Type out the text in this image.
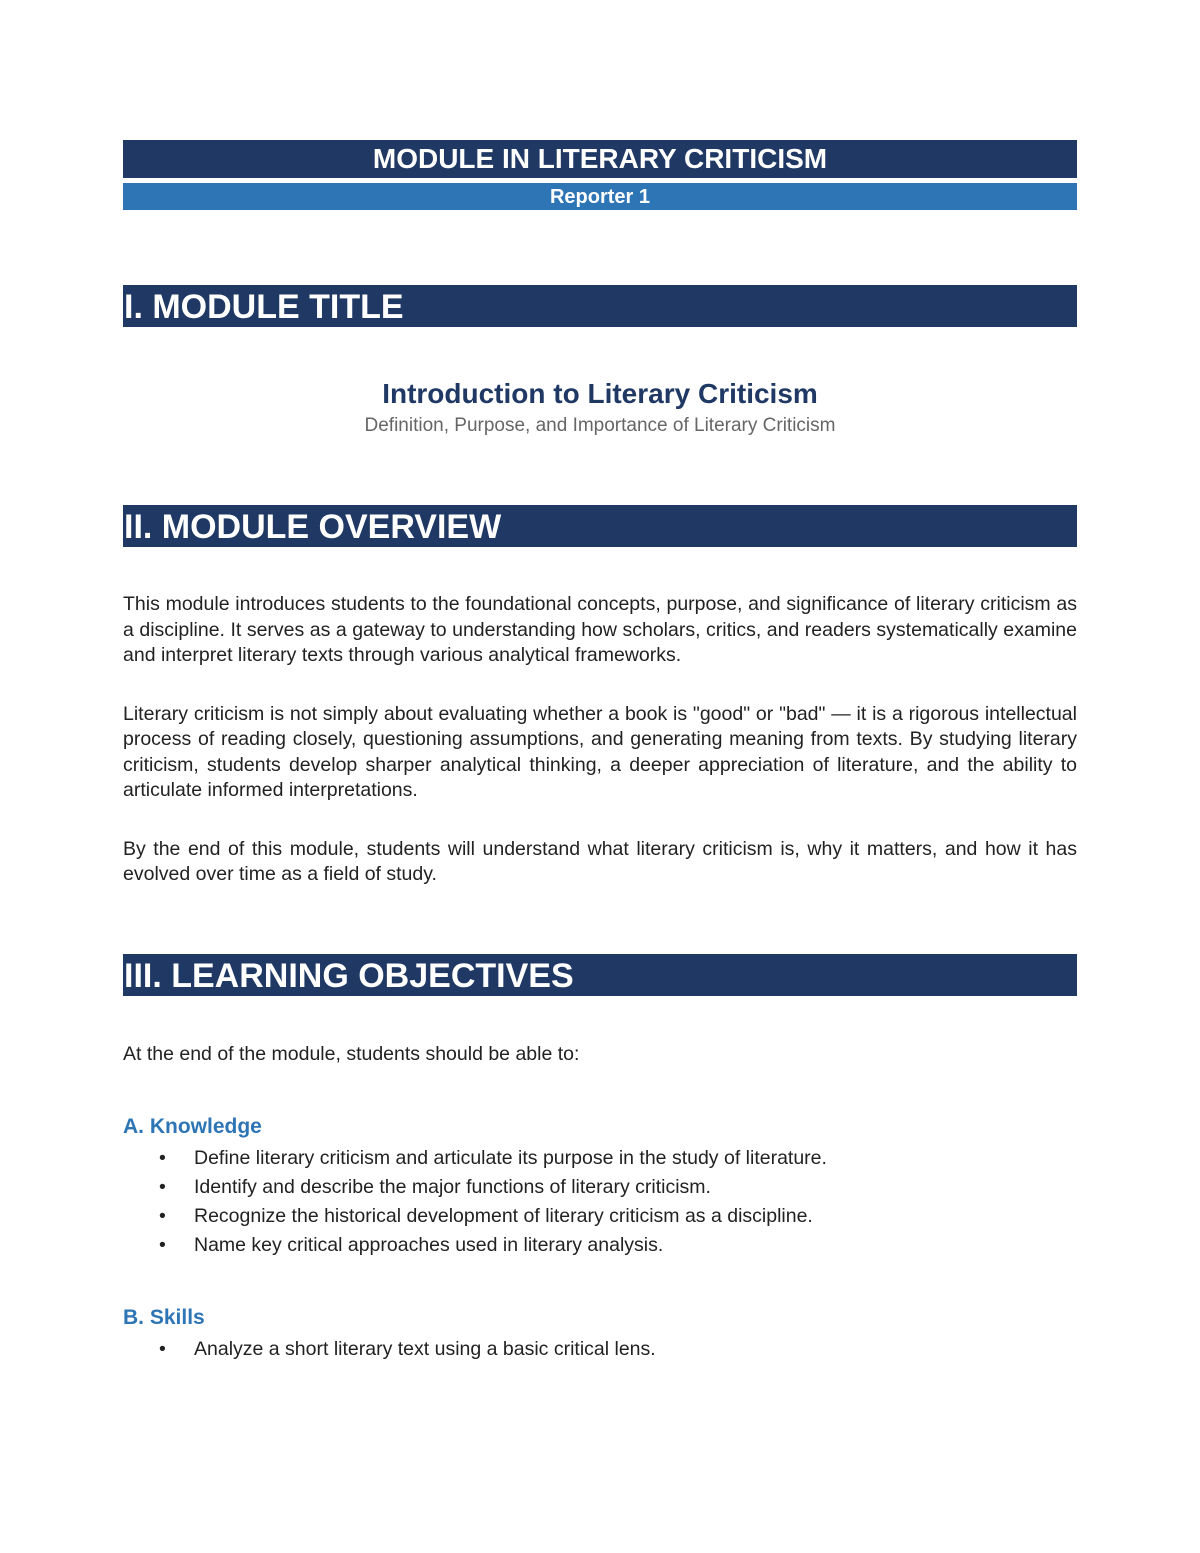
MODULE IN LITERARY CRITICISM
Reporter 1
I. MODULE TITLE
Introduction to Literary Criticism
Definition, Purpose, and Importance of Literary Criticism
II. MODULE OVERVIEW

This module introduces students to the foundational concepts, purpose, and significance of literary criticism as a discipline. It serves as a gateway to understanding how scholars, critics, and readers systematically examine and interpret literary texts through various analytical frameworks.

Literary criticism is not simply about evaluating whether a book is "good" or "bad" — it is a rigorous intellectual process of reading closely, questioning assumptions, and generating meaning from texts. By studying literary criticism, students develop sharper analytical thinking, a deeper appreciation of literature, and the ability to articulate informed interpretations.

By the end of this module, students will understand what literary criticism is, why it matters, and how it has evolved over time as a field of study.

III. LEARNING OBJECTIVES
At the end of the module, students should be able to:
A. Knowledge
• Define literary criticism and articulate its purpose in the study of literature.
• Identify and describe the major functions of literary criticism.
• Recognize the historical development of literary criticism as a discipline.
• Name key critical approaches used in literary analysis.
B. Skills
• Analyze a short literary text using a basic critical lens.
